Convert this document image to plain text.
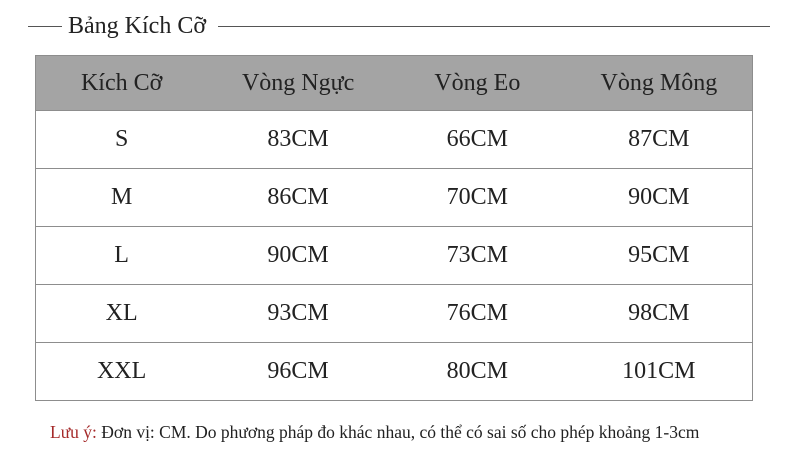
Bảng Kích Cỡ
Kích Cỡ	Vòng Ngực	Vòng Eo	Vòng Mông
S	83CM	66CM	87CM
M	86CM	70CM	90CM
L	90CM	73CM	95CM
XL	93CM	76CM	98CM
XXL	96CM	80CM	101CM
Lưu ý: Đơn vị: CM. Do phương pháp đo khác nhau, có thể có sai số cho phép khoảng 1-3cm
